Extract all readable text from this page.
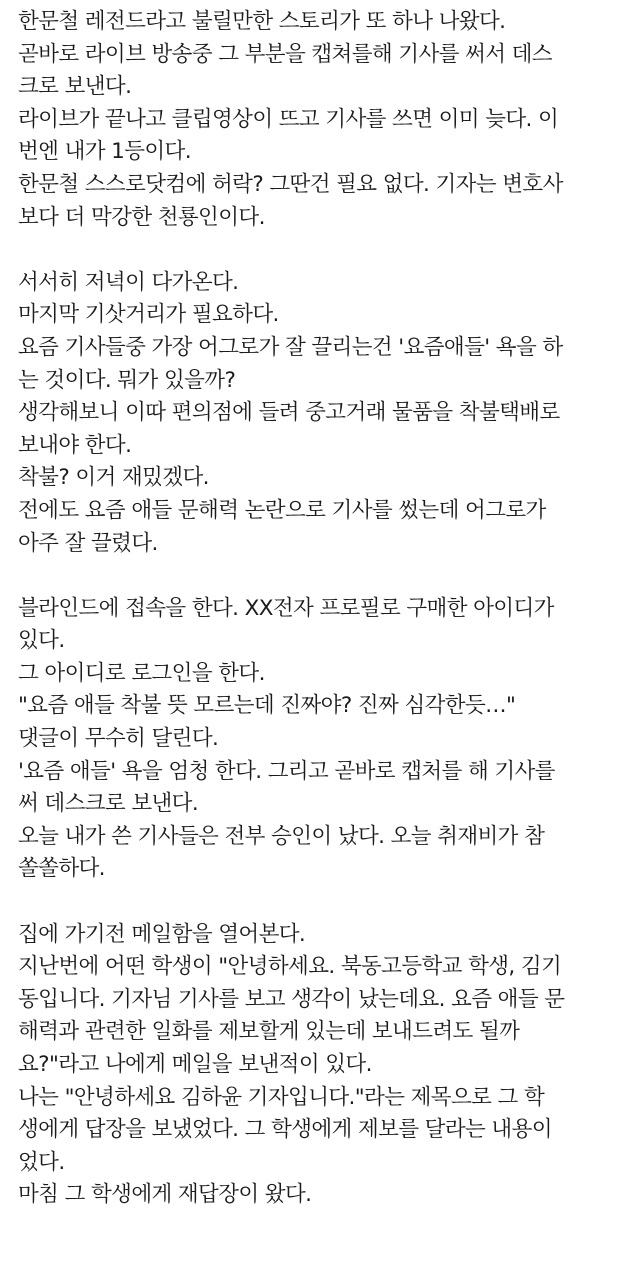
한문철 레전드라고 불릴만한 스토리가 또 하나 나왔다.
곧바로 라이브 방송중 그 부분을 캡쳐를해 기사를 써서 데스
크로 보낸다.
라이브가 끝나고 클립영상이 뜨고 기사를 쓰면 이미 늦다. 이
번엔 내가 1등이다.
한문철 스스로닷컴에 허락? 그딴건 필요 없다. 기자는 변호사
보다 더 막강한 천룡인이다.
서서히 저녁이 다가온다.
마지막 기삿거리가 필요하다.
요즘 기사들중 가장 어그로가 잘 끌리는건 '요즘애들' 욕을 하
는 것이다. 뭐가 있을까?
생각해보니 이따 편의점에 들려 중고거래 물품을 착불택배로
보내야 한다.
착불? 이거 재밌겠다.
전에도 요즘 애들 문해력 논란으로 기사를 썼는데 어그로가
아주 잘 끌렸다.
블라인드에 접속을 한다. XX전자 프로필로 구매한 아이디가
있다.
그 아이디로 로그인을 한다.
"요즘 애들 착불 뜻 모르는데 진짜야? 진짜 심각한듯…"
댓글이 무수히 달린다.
'요즘 애들' 욕을 엄청 한다. 그리고 곧바로 캡처를 해 기사를
써 데스크로 보낸다.
오늘 내가 쓴 기사들은 전부 승인이 났다. 오늘 취재비가 참
쏠쏠하다.
집에 가기전 메일함을 열어본다.
지난번에 어떤 학생이 "안녕하세요. 북동고등학교 학생, 김기
동입니다. 기자님 기사를 보고 생각이 났는데요. 요즘 애들 문
해력과 관련한 일화를 제보할게 있는데 보내드려도 될까
요?"라고 나에게 메일을 보낸적이 있다.
나는 "안녕하세요 김하윤 기자입니다."라는 제목으로 그 학
생에게 답장을 보냈었다. 그 학생에게 제보를 달라는 내용이
었다.
마침 그 학생에게 재답장이 왔다.
